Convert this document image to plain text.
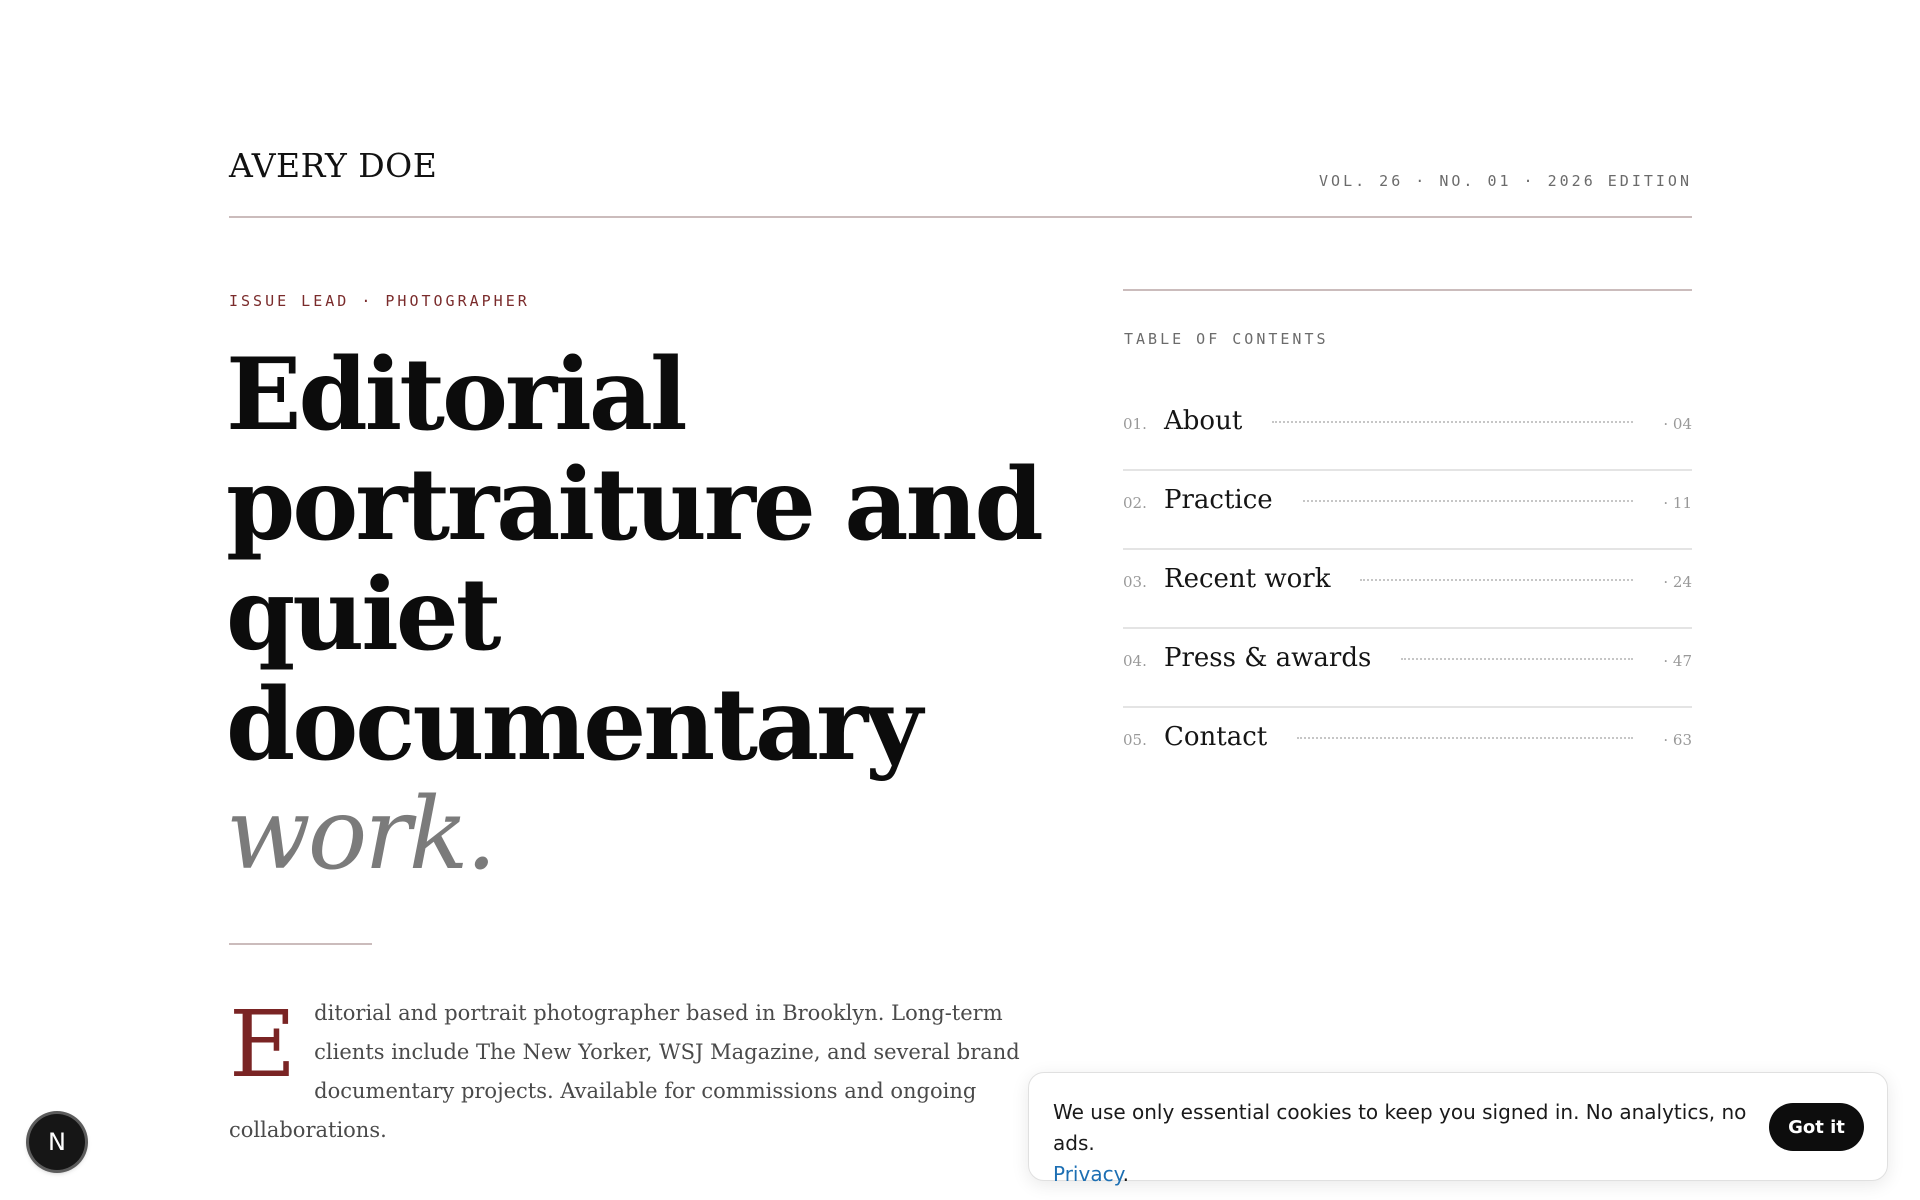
AVERY DOE	VOL. 26 · NO. 01 · 2026 EDITION
ISSUE LEAD · PHOTOGRAPHER
Editorial
portraiture and
quiet
documentary
work.

Editorial and portrait photographer based in Brooklyn. Long-term clients include The New Yorker, WSJ Magazine, and several brand documentary projects. Available for commissions and ongoing collaborations.

TABLE OF CONTENTS
01. About	· 04
02. Practice	· 11
03. Recent work	· 24
04. Press & awards	· 47
05. Contact	· 63
N

We use only essential cookies to keep you signed in. No analytics, no ads.
Privacy.

Got it
